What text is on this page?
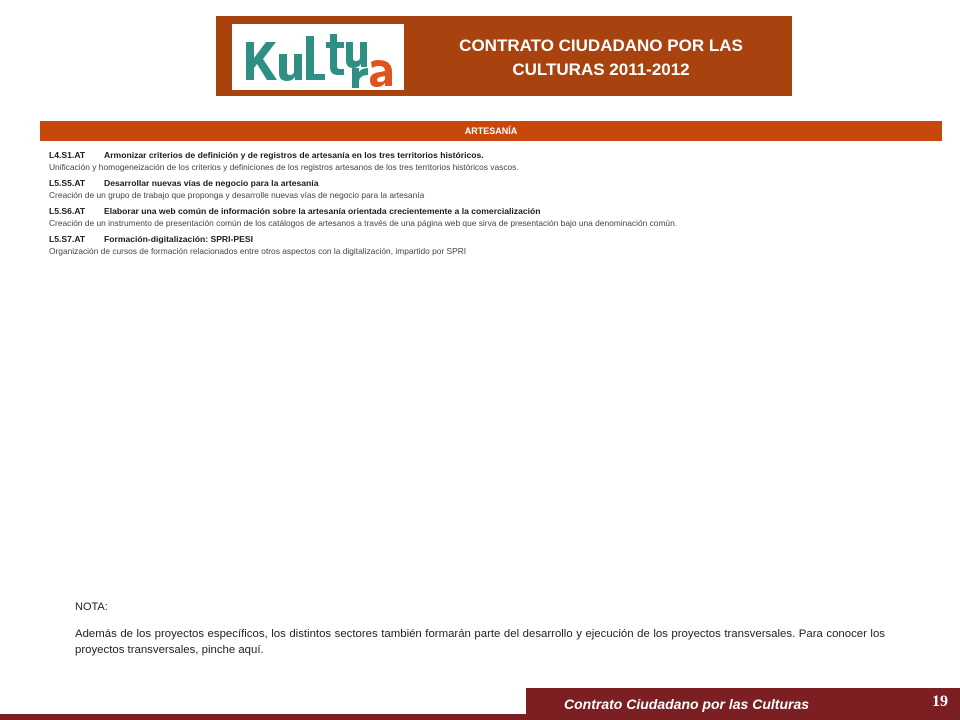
CONTRATO CIUDADANO POR LAS
CULTURAS 2011-2012
ARTESANÍA
L4.S1.AT	Armonizar criterios de definición y de registros de artesanía en los tres territorios históricos.
Unificación y homogeneización de los criterios y definiciones de los registros artesanos de los tres territorios históricos vascos.
L5.S5.AT	Desarrollar nuevas vías de negocio para la artesanía
Creación de un grupo de trabajo que proponga y desarrolle nuevas vías de negocio para la artesanía
L5.S6.AT	Elaborar una web común de información sobre la artesanía orientada crecientemente a la comercialización
Creación de un instrumento de presentación común de los catálogos de artesanos a través de una página web que sirva de presentación bajo una denominación común.
L5.S7.AT	Formación-digitalización: SPRI-PESI
Organización de cursos de formación relacionados entre otros aspectos con la digitalización, impartido por SPRI
NOTA:
Además de los proyectos específicos, los distintos sectores también formarán parte del desarrollo y ejecución de los proyectos transversales. Para conocer los proyectos transversales, pinche aquí.
Contrato Ciudadano por las Culturas	19
